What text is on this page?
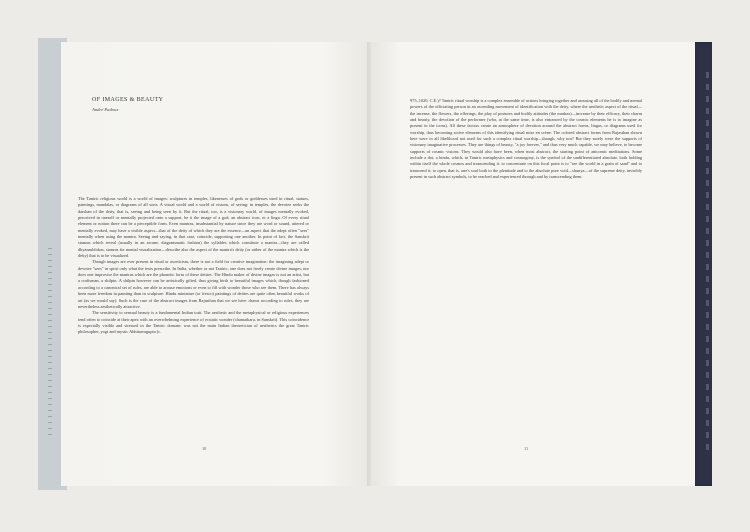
OF IMAGES & BEAUTY
André Padoux

The Tantric religious world is a world of images: sculptures in temples, likenesses of gods or goddesses used in ritual, statues, paintings, mandalas, or diagrams of all sorts. A visual world and a world of visions, of seeing: in temples, the devotee seeks the darshan of the deity, that is, seeing and being seen by it. But the ritual, too, is a visionary world, of images mentally evoked, perceived in oneself or mentally projected onto a support, be it the image of a god, an abstract icon, or a linga. Of every ritual element or notion there can be a perceptible form. Even mantras, insubstantial by nature since they are word or sound, uttered or mentally evoked, may have a visible aspect—that of the deity of which they are the essence—an aspect that the adept often "sees" mentally when using the mantra. Seeing and saying, in that case, coincide, supporting one another. In point of fact, the Sanskrit stanzas which reveal (usually in an arcane, diagrammatic fashion) the syllables which constitute a mantra—they are called dhyanashlokas, stanzas for mental visualization—describe also the aspect of the mantra's deity (or rather of the mantra which is the deity) that is to be visualized.

Though images are ever present in ritual or asceticism, there is not a field for creative imagination: the imagining adept or devotee "sees" in spirit only what the texts prescribe. In India, whether or not Tantric, one does not freely create divine images; nor does one improvise the mantras which are the phonetic form of these deities. The Hindu maker of divine images is not an artist, but a craftsman, a shilpin. A shilpin however can be artistically gifted, thus giving birth to beautiful images which, though fashioned according to a canonical set of rules, are able to arouse emotions or even to fill with wonder those who see them. There has always been more freedom in painting than in sculpture: Hindu miniature (or fresco) paintings of deities are quite often beautiful works of art (as we would say). Such is the case of the abstract images from Rajasthan that we see here: drawn according to rules, they are nevertheless aesthetically attractive.

The sensitivity to sensual beauty is a fundamental Indian trait. The aesthetic and the metaphysical or religious experiences tend often to coincide at their apex with an overwhelming experience of ecstatic wonder (chamatkara, in Sanskrit). This coincidence is especially visible and stressed in the Tantric domain: was not the main Indian theoretician of aesthetics the great Tantric philosopher, yogi and mystic Abhinavagupta (c.

975–1020, C.E.)? Tantric ritual worship is a complex ensemble of actions bringing together and arousing all of the bodily and mental powers of the officiating person in an ascending movement of identification with the deity, where the aesthetic aspect of the ritual—the incense, the flowers, the offerings, the play of postures and bodily attitudes (the mudras)—increase by their efficacy, their charm and beauty, the devotion of the performer (who, at the same time, is also entranced by the cosmic elements he is to imagine as present in the icons). All these factors create an atmosphere of devotion around the abstract forms, lingas, or diagrams used for worship, thus becoming active elements of this identifying ritual mise en scène. The colored abstract forms from Rajasthan shown here were in all likelihood not used for such a complex ritual worship—though, why not? But they surely were the supports of visionary imaginative processes. They are things of beauty, "a joy forever," and thus very much capable, we may believe, to become supports of cosmic visions. They would also have been, when most abstract, the starting point of anicomic meditations. Some include a dot, a bindu, which, in Tantric metaphysics and cosmogony, is the symbol of the undifferentiated absolute, both holding within itself the whole cosmos and transcending it: to concentrate on this focal point is to "see the world in a grain of sand" and to transcend it; to open, that is, one's soul both to the plenitude and to the absolute pure void—shunya—of the supreme deity, invisibly present in such abstract symbols, to be reached and experienced through and by transcending them.

10	11
